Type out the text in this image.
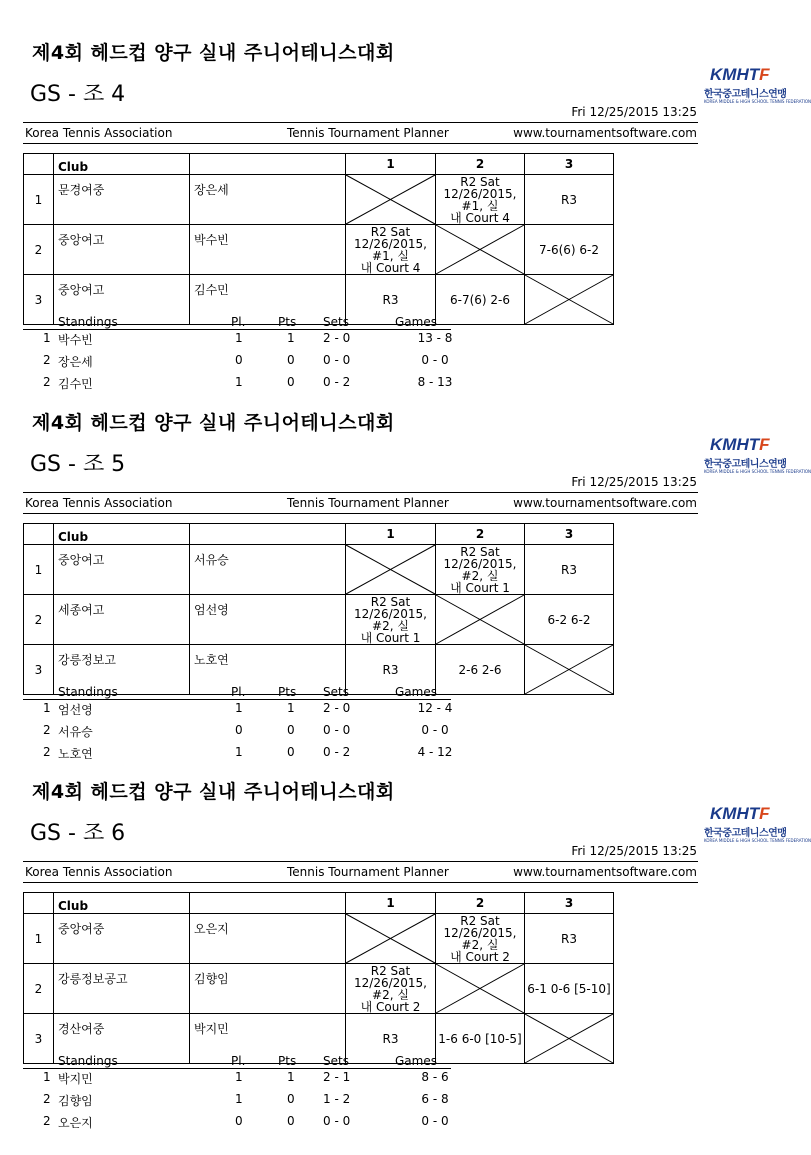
제4회 헤드컵 양구 실내 주니어테니스대회
GS - 조 4
KMHTF
한국중고테니스연맹
KOREA MIDDLE & HIGH SCHOOL TENNIS FEDERATION
Fri 12/25/2015 13:25
Korea Tennis Association	Tennis Tournament Planner	www.tournamentsoftware.com
	Club		1	2	3
1	문경여중	장은세		R2 Sat
12/26/2015, #1, 실
내 Court 4	R3
2	중앙여고	박수빈	R2 Sat
12/26/2015, #1, 실
내 Court 4		7-6(6) 6-2
3	중앙여고	김수민	R3	6-7(6) 2-6	
Standings	Pl.	Pts Sets	Games
1 박수빈	1	1 2 - 0	13 - 8
2 장은세	0	0 0 - 0	0 - 0
2 김수민	1	0 0 - 2	8 - 13
제4회 헤드컵 양구 실내 주니어테니스대회
GS - 조 5
KMHTF
한국중고테니스연맹
KOREA MIDDLE & HIGH SCHOOL TENNIS FEDERATION
Fri 12/25/2015 13:25
Korea Tennis Association	Tennis Tournament Planner	www.tournamentsoftware.com
	Club		1	2	3
1	중앙여고	서유승		R2 Sat
12/26/2015, #2, 실
내 Court 1	R3
2	세종여고	엄선영	R2 Sat
12/26/2015, #2, 실
내 Court 1		6-2 6-2
3	강릉정보고	노호연	R3	2-6 2-6	
Standings	Pl.	Pts Sets	Games
1 엄선영	1	1 2 - 0	12 - 4
2 서유승	0	0 0 - 0	0 - 0
2 노호연	1	0 0 - 2	4 - 12
제4회 헤드컵 양구 실내 주니어테니스대회
GS - 조 6
KMHTF
한국중고테니스연맹
KOREA MIDDLE & HIGH SCHOOL TENNIS FEDERATION
Fri 12/25/2015 13:25
Korea Tennis Association	Tennis Tournament Planner	www.tournamentsoftware.com
	Club		1	2	3
1	중앙여중	오은지		R2 Sat
12/26/2015, #2, 실
내 Court 2	R3
2	강릉정보공고	김향임	R2 Sat
12/26/2015, #2, 실
내 Court 2		6-1 0-6 [5-10]
3	경산여중	박지민	R3	1-6 6-0 [10-5]	
Standings	Pl.	Pts Sets	Games
1 박지민	1	1 2 - 1	8 - 6
2 김향임	1	0 1 - 2	6 - 8
2 오은지	0	0 0 - 0	0 - 0
